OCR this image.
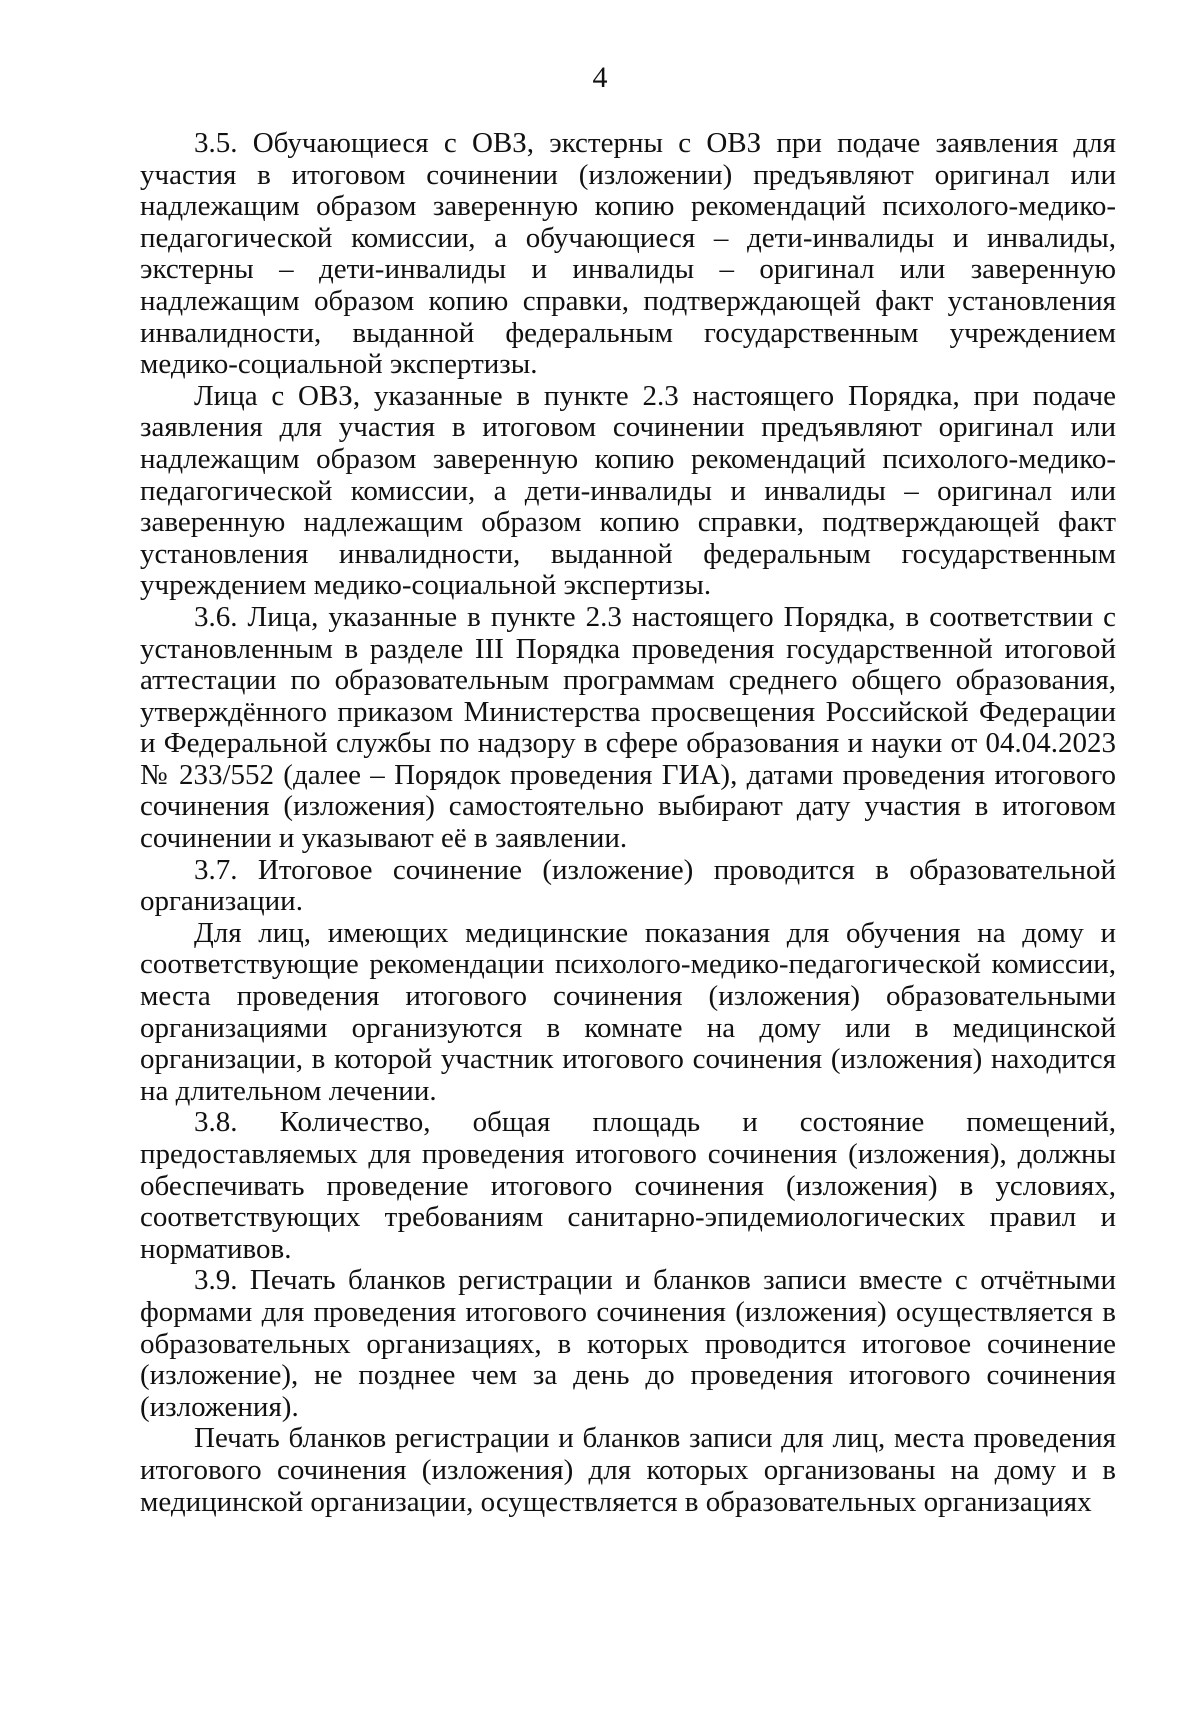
4

3.5. Обучающиеся с ОВЗ, экстерны с ОВЗ при подаче заявления для участия в итоговом сочинении (изложении) предъявляют оригинал или надлежащим образом заверенную копию рекомендаций психолого-медико-педагогической комиссии, а обучающиеся – дети-инвалиды и инвалиды, экстерны – дети-инвалиды и инвалиды – оригинал или заверенную надлежащим образом копию справки, подтверждающей факт установления инвалидности, выданной федеральным государственным учреждением медико-социальной экспертизы.

Лица с ОВЗ, указанные в пункте 2.3 настоящего Порядка, при подаче заявления для участия в итоговом сочинении предъявляют оригинал или надлежащим образом заверенную копию рекомендаций психолого-медико-педагогической комиссии, а дети-инвалиды и инвалиды – оригинал или заверенную надлежащим образом копию справки, подтверждающей факт установления инвалидности, выданной федеральным государственным учреждением медико-социальной экспертизы.

3.6. Лица, указанные в пункте 2.3 настоящего Порядка, в соответствии с установленным в разделе III Порядка проведения государственной итоговой аттестации по образовательным программам среднего общего образования, утверждённого приказом Министерства просвещения Российской Федерации и Федеральной службы по надзору в сфере образования и науки от 04.04.2023 № 233/552 (далее – Порядок проведения ГИА), датами проведения итогового сочинения (изложения) самостоятельно выбирают дату участия в итоговом сочинении и указывают её в заявлении.

3.7. Итоговое сочинение (изложение) проводится в образовательной организации.

Для лиц, имеющих медицинские показания для обучения на дому и соответствующие рекомендации психолого-медико-педагогической комиссии, места проведения итогового сочинения (изложения) образовательными организациями организуются в комнате на дому или в медицинской организации, в которой участник итогового сочинения (изложения) находится на длительном лечении.

3.8. Количество, общая площадь и состояние помещений, предоставляемых для проведения итогового сочинения (изложения), должны обеспечивать проведение итогового сочинения (изложения) в условиях, соответствующих требованиям санитарно-эпидемиологических правил и нормативов.

3.9. Печать бланков регистрации и бланков записи вместе с отчётными формами для проведения итогового сочинения (изложения) осуществляется в образовательных организациях, в которых проводится итоговое сочинение (изложение), не позднее чем за день до проведения итогового сочинения (изложения).

Печать бланков регистрации и бланков записи для лиц, места проведения итогового сочинения (изложения) для которых организованы на дому и в медицинской организации, осуществляется в образовательных организациях
